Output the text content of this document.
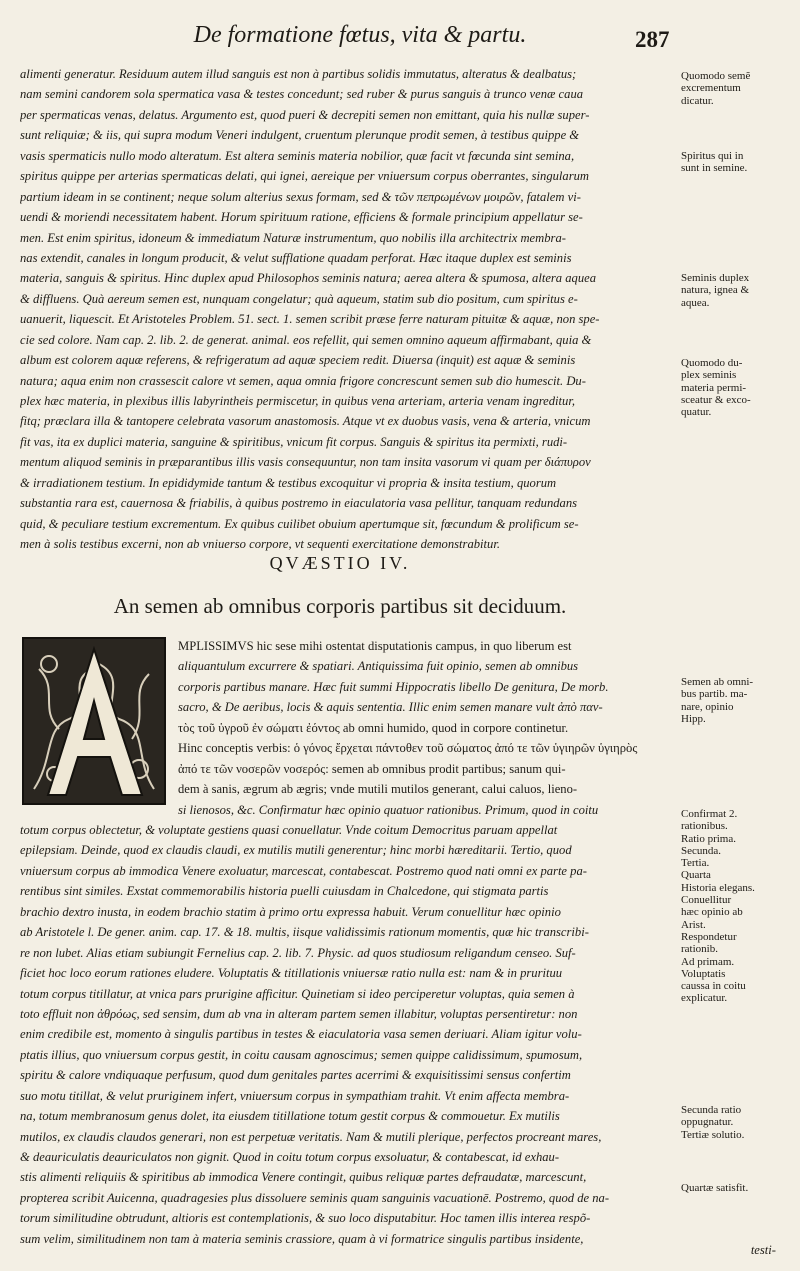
De formatione fœtus, vita & partu.	287
alimenti generatur. Residuum autem illud sanguis est non à partibus solidis immutatus, alteratus & dealbatus;
nam semini candorem sola spermatica vasa & testes concedunt; sed ruber & purus sanguis à trunco venæ caua
per spermaticas venas, delatus. Argumento est, quod pueri & decrepiti semen non emittant, quia his nullæ super-
sunt reliquiæ; & iis, qui supra modum Veneri indulgent, cruentum plerunque prodit semen, à testibus quippe &
vasis spermaticis nullo modo alteratum. Est altera seminis materia nobilior, quæ facit vt fœcunda sint semina,
spiritus quippe per arterias spermaticas delati, qui ignei, aereique per vniuersum corpus oberrantes, singularum
partium ideam in se continent; neque solum alterius sexus formam, sed & τῶν πεπρωμένων μοιρῶν, fatalem vi-
uendi & moriendi necessitatem habent. Horum spirituum ratione, efficiens & formale principium appellatur se-
men. Est enim spiritus, idoneum & immediatum Naturæ instrumentum, quo nobilis illa architectrix membra-
nas extendit, canales in longum producit, & velut sufflatione quadam perforat. Hæc itaque duplex est seminis
materia, sanguis & spiritus. Hinc duplex apud Philosophos seminis natura; aerea altera & spumosa, altera aquea
& diffluens. Quà aereum semen est, nunquam congelatur; quà aqueum, statim sub dio positum, cum spiritus e-
uanuerit, liquescit. Et Aristoteles Problem. 51. sect. 1. semen scribit præse ferre naturam pituitæ & aquæ, non spe-
cie sed colore. Nam cap. 2. lib. 2. de generat. animal. eos refellit, qui semen omnino aqueum affirmabant, quia &
album est colorem aquæ referens, & refrigeratum ad aquæ speciem redit. Diuersa (inquit) est aquæ & seminis
natura; aqua enim non crassescit calore vt semen, aqua omnia frigore concrescunt semen sub dio humescit. Du-
plex hæc materia, in plexibus illis labyrintheis permiscetur, in quibus vena arteriam, arteria venam ingreditur,
fitq; præclara illa & tantopere celebrata vasorum anastomosis. Atque vt ex duobus vasis, vena & arteria, vnicum
fit vas, ita ex duplici materia, sanguine & spiritibus, vnicum fit corpus. Sanguis & spiritus ita permixti, rudi-
mentum aliquod seminis in præparantibus illis vasis consequuntur, non tam insita vasorum vi quam per διάπυρον
& irradiationem testium. In epididymide tantum & testibus excoquitur vi propria & insita testium, quorum
substantia rara est, cauernosa & friabilis, à quibus postremo in eiaculatoria vasa pellitur, tanquam redundans
quid, & peculiare testium excrementum. Ex quibus cuilibet obuium apertumque sit, fœcundum & prolificum se-
men à solis testibus excerni, non ab vniuerso corpore, vt sequenti exercitatione demonstrabitur.
QVÆSTIO IV.
An semen ab omnibus corporis partibus sit deciduum.
MPLISSIMVS hic sese mihi ostentat disputationis campus, in quo liberum est
aliquantulum excurrere & spatiari. Antiquissima fuit opinio, semen ab omnibus
corporis partibus manare. Hæc fuit summi Hippocratis libello De genitura, De morb.
sacro, & De aeribus, locis & aquis sententia. Illic enim semen manare vult ἀπὸ παν-
τὸς τοῦ ὑγροῦ ἐν σώματι ἐόντος ab omni humido, quod in corpore continetur.
Hinc conceptis verbis: ὁ γόνος ἔρχεται πάντοθεν τοῦ σώματος ἀπό τε τῶν ὑγιηρῶν ὑγιηρὸς
ἀπό τε τῶν νοσερῶν νοσερός: semen ab omnibus prodit partibus; sanum qui-
dem à sanis, ægrum ab ægris; vnde mutili mutilos generant, calui caluos, lieno-
si lienosos, &c. Confirmatur hæc opinio quatuor rationibus. Primum, quod in coitu
totum corpus oblectetur, & voluptate gestiens quasi conuellatur. Vnde coitum Democritus paruam appellat
epilepsiam. Deinde, quod ex claudis claudi, ex mutilis mutili generentur; hinc morbi hæreditarii. Tertio, quod
vniuersum corpus ab immodica Venere exoluatur, marcescat, contabescat. Postremo quod nati omni ex parte pa-
rentibus sint similes. Exstat commemorabilis historia puelli cuiusdam in Chalcedone, qui stigmata partis
brachio dextro inusta, in eodem brachio statim à primo ortu expressa habuit. Verum conuellitur hæc opinio
ab Aristotele l. De gener. anim. cap. 17. & 18. multis, iisque validissimis rationum momentis, quæ hic transcribi-
re non lubet. Alias etiam subiungit Fernelius cap. 2. lib. 7. Physic. ad quos studiosum religandum censeo. Suf-
ficiet hoc loco eorum rationes eludere. Voluptatis & titillationis vniuersæ ratio nulla est: nam & in prurituu
totum corpus titillatur, at vnica pars prurigine afficitur. Quinetiam si ideo perciperetur voluptas, quia semen à
toto effluit non ἀθρόως, sed sensim, dum ab vna in alteram partem semen illabitur, voluptas persentiretur: non
enim credibile est, momento à singulis partibus in testes & eiaculatoria vasa semen deriuari. Aliam igitur volu-
ptatis illius, quo vniuersum corpus gestit, in coitu causam agnoscimus; semen quippe calidissimum, spumosum,
spiritu & calore vndiquaque perfusum, quod dum genitales partes acerrimi & exquisitissimi sensus confertim
suo motu titillat, & velut pruriginem infert, vniuersum corpus in sympathiam trahit. Vt enim affecta membra-
na, totum membranosum genus dolet, ita eiusdem titillatione totum gestit corpus & commouetur. Ex mutilis
mutilos, ex claudis claudos generari, non est perpetuæ veritatis. Nam & mutili plerique, perfectos procreant mares,
& deauriculatis deauriculatos non gignit. Quod in coitu totum corpus exsoluatur, & contabescat, id exhau-
stis alimenti reliquiis & spiritibus ab immodica Venere contingit, quibus reliquæ partes defraudatæ, marcescunt,
propterea scribit Auicenna, quadragesies plus dissoluere seminis quam sanguinis vacuationē. Postremo, quod de na-
torum similitudine obtrudunt, altioris est contemplationis, & suo loco disputabitur. Hoc tamen illis interea respõ-
sum velim, similitudinem non tam à materia seminis crassiore, quam à vi formatrice singulis partibus insidente,
testi-
Quomodo semẽ
excrementum
dicatur.
Spiritus qui in
sunt in semine.
Seminis duplex
natura, ignea &
aquea.
Quomodo du-
plex seminis
materia permi-
sceatur & exco-
quatur.
Semen ab omni-
bus partib. ma-
nare, opinio
Hipp.
Confirmat 2.
rationibus.
Ratio prima.
Secunda.
Tertia.
Quarta
Historia elegans.
Conuellitur
hæc opinio ab
Arist.
Respondetur
rationib.
Ad primam.
Voluptatis
caussa in coitu
explicatur.
Secunda ratio
oppugnatur.
Tertiæ solutio.
Quartæ satisfit.
